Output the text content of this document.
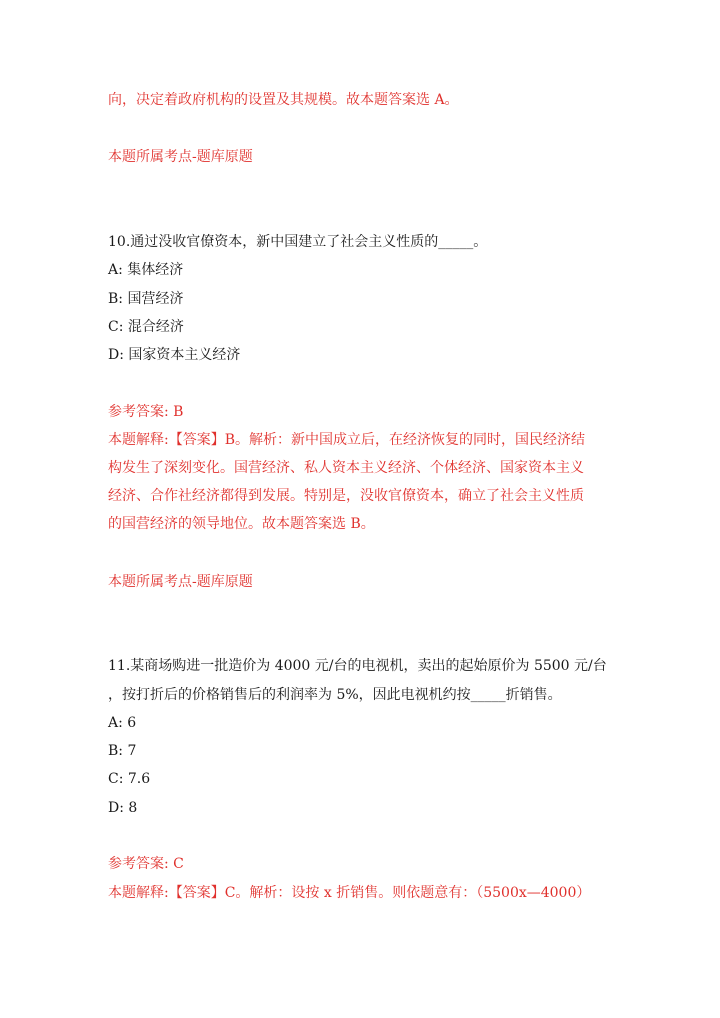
向，决定着政府机构的设置及其规模。故本题答案选 A。
本题所属考点-题库原题
10.通过没收官僚资本，新中国建立了社会主义性质的_____。
A: 集体经济
B: 国营经济
C: 混合经济
D: 国家资本主义经济
参考答案: B
本题解释:【答案】B。解析：新中国成立后，在经济恢复的同时，国民经济结
构发生了深刻变化。国营经济、私人资本主义经济、个体经济、国家资本主义
经济、合作社经济都得到发展。特别是，没收官僚资本，确立了社会主义性质
的国营经济的领导地位。故本题答案选 B。
本题所属考点-题库原题
11.某商场购进一批造价为 4000 元/台的电视机，卖出的起始原价为 5500 元/台
，按打折后的价格销售后的利润率为 5%，因此电视机约按_____折销售。
A: 6
B: 7
C: 7.6
D: 8
参考答案: C
本题解释:【答案】C。解析：设按 x 折销售。则依题意有：（5500x—4000）
